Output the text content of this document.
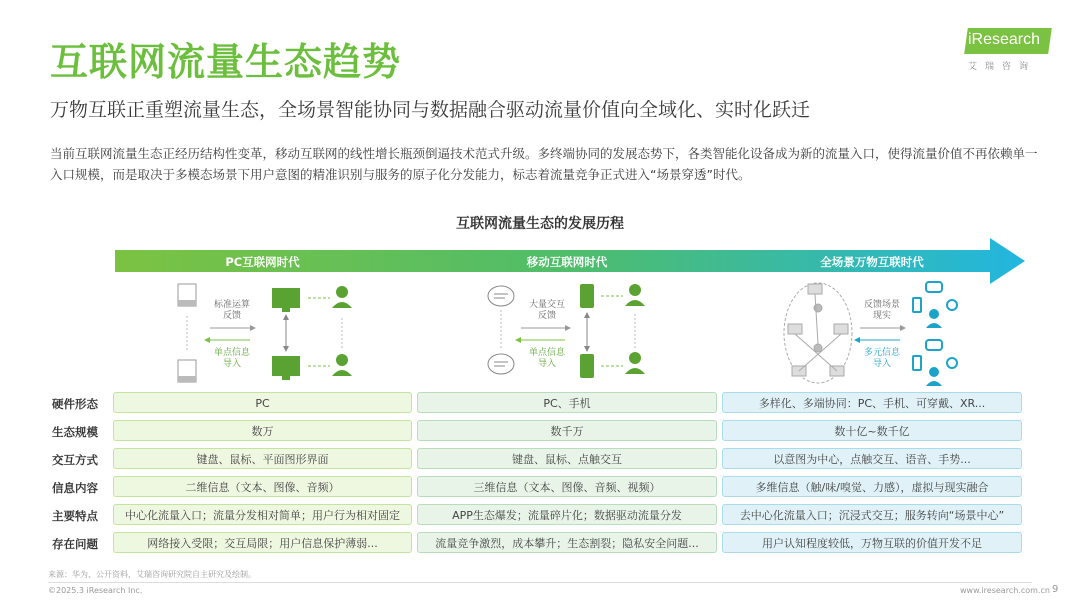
互联网流量生态趋势
万物互联正重塑流量生态，全场景智能协同与数据融合驱动流量价值向全域化、实时化跃迁
当前互联网流量生态正经历结构性变革，移动互联网的线性增长瓶颈倒逼技术范式升级。多终端协同的发展态势下，各类智能化设备成为新的流量入口，使得流量价值不再依赖单一入口规模，而是取决于多模态场景下用户意图的精准识别与服务的原子化分发能力，标志着流量竞争正式进入“场景穿透”时代。
iResearch
艾瑞咨询
互联网流量生态的发展历程
PC互联网时代	移动互联网时代	全场景万物互联时代
标准运算
反馈
单点信息
导入
大量交互
反馈
单点信息
导入
反馈场景
现实
多元信息
导入
硬件形态	PC	PC、手机	多样化、多端协同：PC、手机、可穿戴、XR...
生态规模	数万	数千万	数十亿~数千亿
交互方式	键盘、鼠标、平面图形界面	键盘、鼠标、点触交互	以意图为中心，点触交互、语音、手势...
信息内容	二维信息（文本、图像、音频）	三维信息（文本、图像、音频、视频）	多维信息（触/味/嗅觉、力感），虚拟与现实融合
主要特点	中心化流量入口；流量分发相对简单；用户行为相对固定	APP生态爆发；流量碎片化；数据驱动流量分发	去中心化流量入口；沉浸式交互；服务转向“场景中心”
存在问题	网络接入受限；交互局限；用户信息保护薄弱...	流量竞争激烈，成本攀升；生态割裂；隐私安全问题...	用户认知程度较低，万物互联的价值开发不足
来源：华为、公开资料，艾瑞咨询研究院自主研究及绘制。
©2025.3 iResearch Inc.	www.iresearch.com.cn 9
